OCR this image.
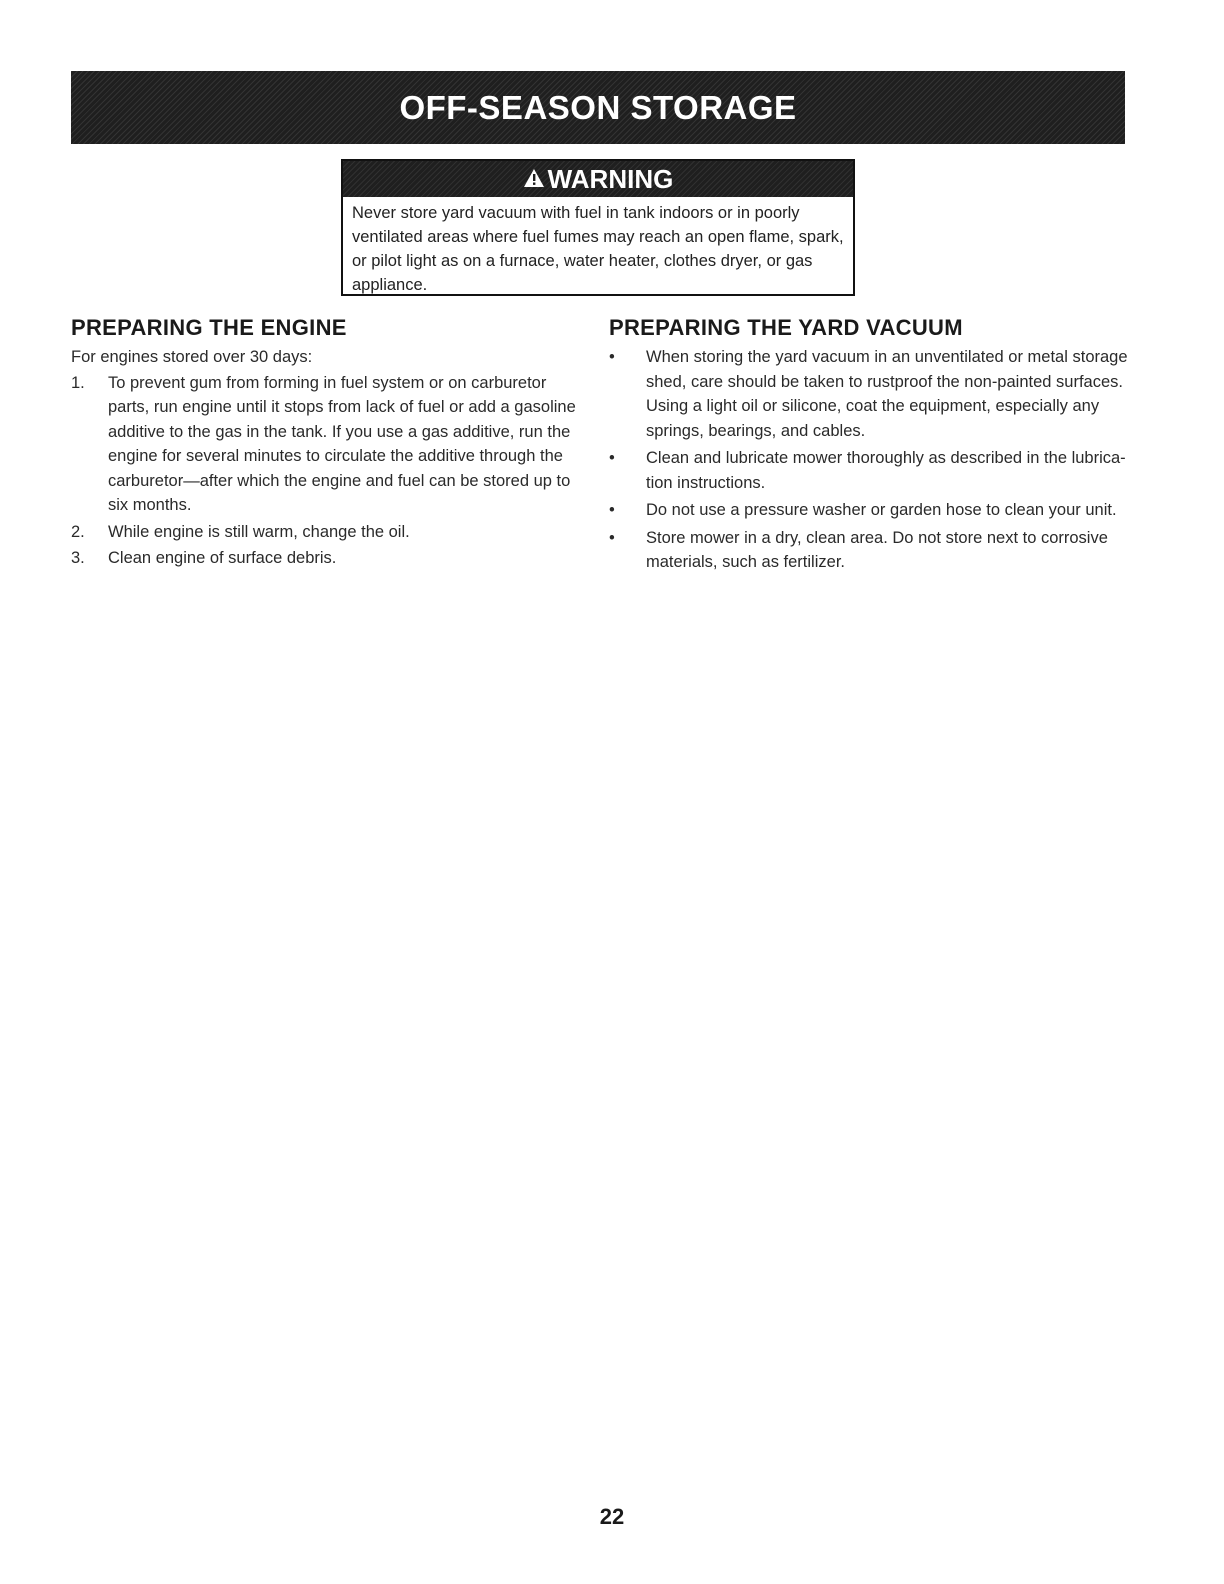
OFF-SEASON STORAGE
WARNING
Never store yard vacuum with fuel in tank indoors or in poorly
ventilated areas where fuel fumes may reach an open flame, spark,
or pilot light as on a furnace, water heater, clothes dryer, or gas
appliance.
PREPARING THE ENGINE
For engines stored over 30 days:
1.	To prevent gum from forming in fuel system or on carburetor
parts, run engine until it stops from lack of fuel or add a gasoline
additive to the gas in the tank. If you use a gas additive, run the
engine for several minutes to circulate the additive through the
carburetor—after which the engine and fuel can be stored up to
six months.
2.	While engine is still warm, change the oil.
3.	Clean engine of surface debris.
PREPARING THE YARD VACUUM
•	When storing the yard vacuum in an unventilated or metal storage
shed, care should be taken to rustproof the non-painted surfaces.
Using a light oil or silicone, coat the equipment, especially any
springs, bearings, and cables.
•	Clean and lubricate mower thoroughly as described in the lubrica-
tion instructions.
•	Do not use a pressure washer or garden hose to clean your unit.
•	Store mower in a dry, clean area. Do not store next to corrosive
materials, such as fertilizer.
22
